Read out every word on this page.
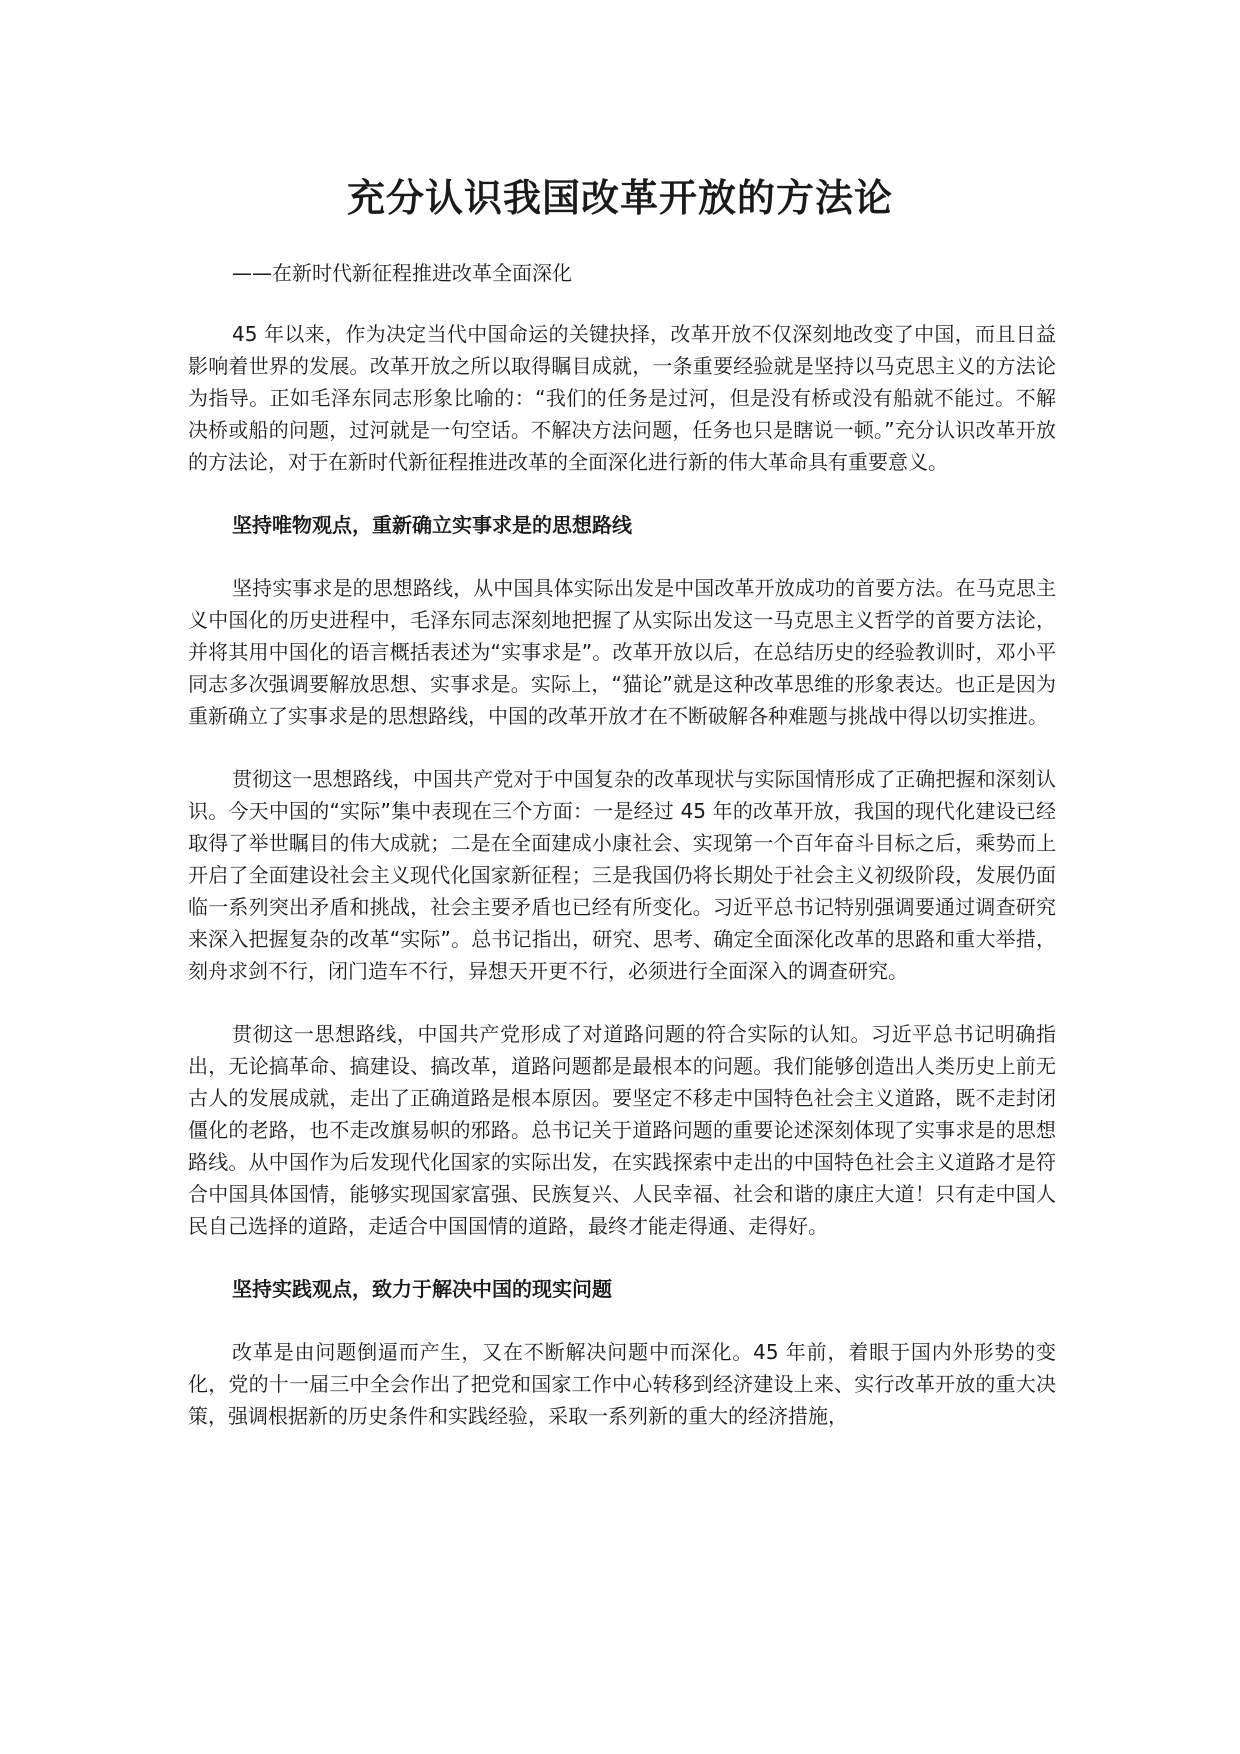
充分认识我国改革开放的方法论

——在新时代新征程推进改革全面深化

45 年以来，作为决定当代中国命运的关键抉择，改革开放不仅深刻地改变了中国，而且日益影响着世界的发展。改革开放之所以取得瞩目成就，一条重要经验就是坚持以马克思主义的方法论为指导。正如毛泽东同志形象比喻的：“我们的任务是过河，但是没有桥或没有船就不能过。不解决桥或船的问题，过河就是一句空话。不解决方法问题，任务也只是瞎说一顿。”充分认识改革开放的方法论，对于在新时代新征程推进改革的全面深化进行新的伟大革命具有重要意义。

坚持唯物观点，重新确立实事求是的思想路线

坚持实事求是的思想路线，从中国具体实际出发是中国改革开放成功的首要方法。在马克思主义中国化的历史进程中，毛泽东同志深刻地把握了从实际出发这一马克思主义哲学的首要方法论，并将其用中国化的语言概括表述为“实事求是”。改革开放以后，在总结历史的经验教训时，邓小平同志多次强调要解放思想、实事求是。实际上，“猫论”就是这种改革思维的形象表达。也正是因为重新确立了实事求是的思想路线，中国的改革开放才在不断破解各种难题与挑战中得以切实推进。

贯彻这一思想路线，中国共产党对于中国复杂的改革现状与实际国情形成了正确把握和深刻认识。今天中国的“实际”集中表现在三个方面：一是经过 45 年的改革开放，我国的现代化建设已经取得了举世瞩目的伟大成就；二是在全面建成小康社会、实现第一个百年奋斗目标之后，乘势而上开启了全面建设社会主义现代化国家新征程；三是我国仍将长期处于社会主义初级阶段，发展仍面临一系列突出矛盾和挑战，社会主要矛盾也已经有所变化。习近平总书记特别强调要通过调查研究来深入把握复杂的改革“实际”。总书记指出，研究、思考、确定全面深化改革的思路和重大举措，刻舟求剑不行，闭门造车不行，异想天开更不行，必须进行全面深入的调查研究。

贯彻这一思想路线，中国共产党形成了对道路问题的符合实际的认知。习近平总书记明确指出，无论搞革命、搞建设、搞改革，道路问题都是最根本的问题。我们能够创造出人类历史上前无古人的发展成就，走出了正确道路是根本原因。要坚定不移走中国特色社会主义道路，既不走封闭僵化的老路，也不走改旗易帜的邪路。总书记关于道路问题的重要论述深刻体现了实事求是的思想路线。从中国作为后发现代化国家的实际出发，在实践探索中走出的中国特色社会主义道路才是符合中国具体国情，能够实现国家富强、民族复兴、人民幸福、社会和谐的康庄大道！只有走中国人民自己选择的道路，走适合中国国情的道路，最终才能走得通、走得好。

坚持实践观点，致力于解决中国的现实问题

改革是由问题倒逼而产生，又在不断解决问题中而深化。45 年前，着眼于国内外形势的变化，党的十一届三中全会作出了把党和国家工作中心转移到经济建设上来、实行改革开放的重大决策，强调根据新的历史条件和实践经验，采取一系列新的重大的经济措施，
